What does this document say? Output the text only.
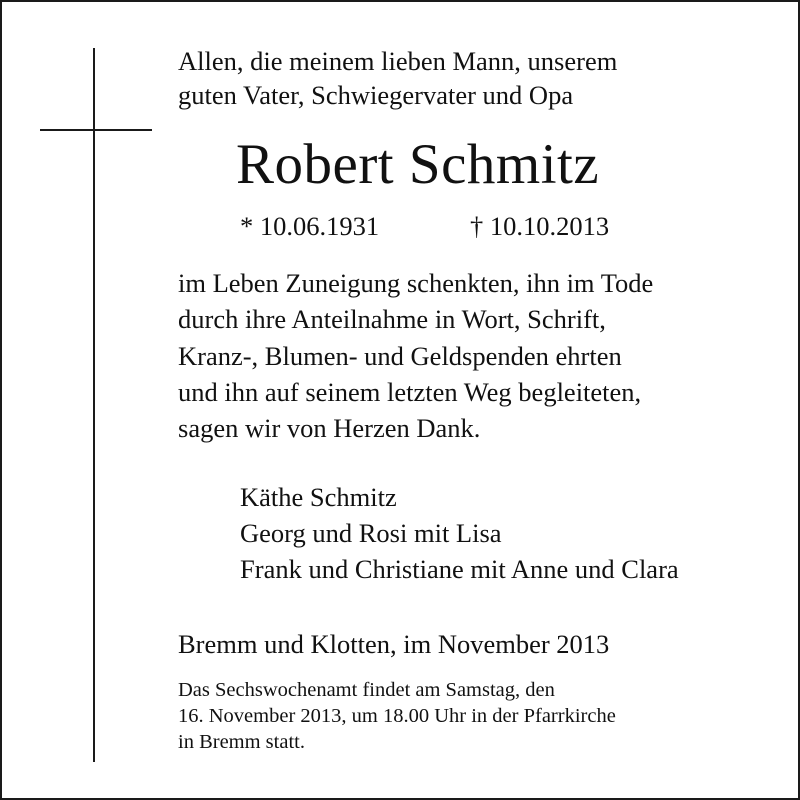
Allen, die meinem lieben Mann, unserem
guten Vater, Schwiegervater und Opa

Robert Schmitz
* 10.06.1931	† 10.10.2013

im Leben Zuneigung schenkten, ihn im Tode
durch ihre Anteilnahme in Wort, Schrift,
Kranz-, Blumen- und Geldspenden ehrten
und ihn auf seinem letzten Weg begleiteten,
sagen wir von Herzen Dank.

Käthe Schmitz
Georg und Rosi mit Lisa
Frank und Christiane mit Anne und Clara

Bremm und Klotten, im November 2013

Das Sechswochenamt findet am Samstag, den
16. November 2013, um 18.00 Uhr in der Pfarrkirche
in Bremm statt.
